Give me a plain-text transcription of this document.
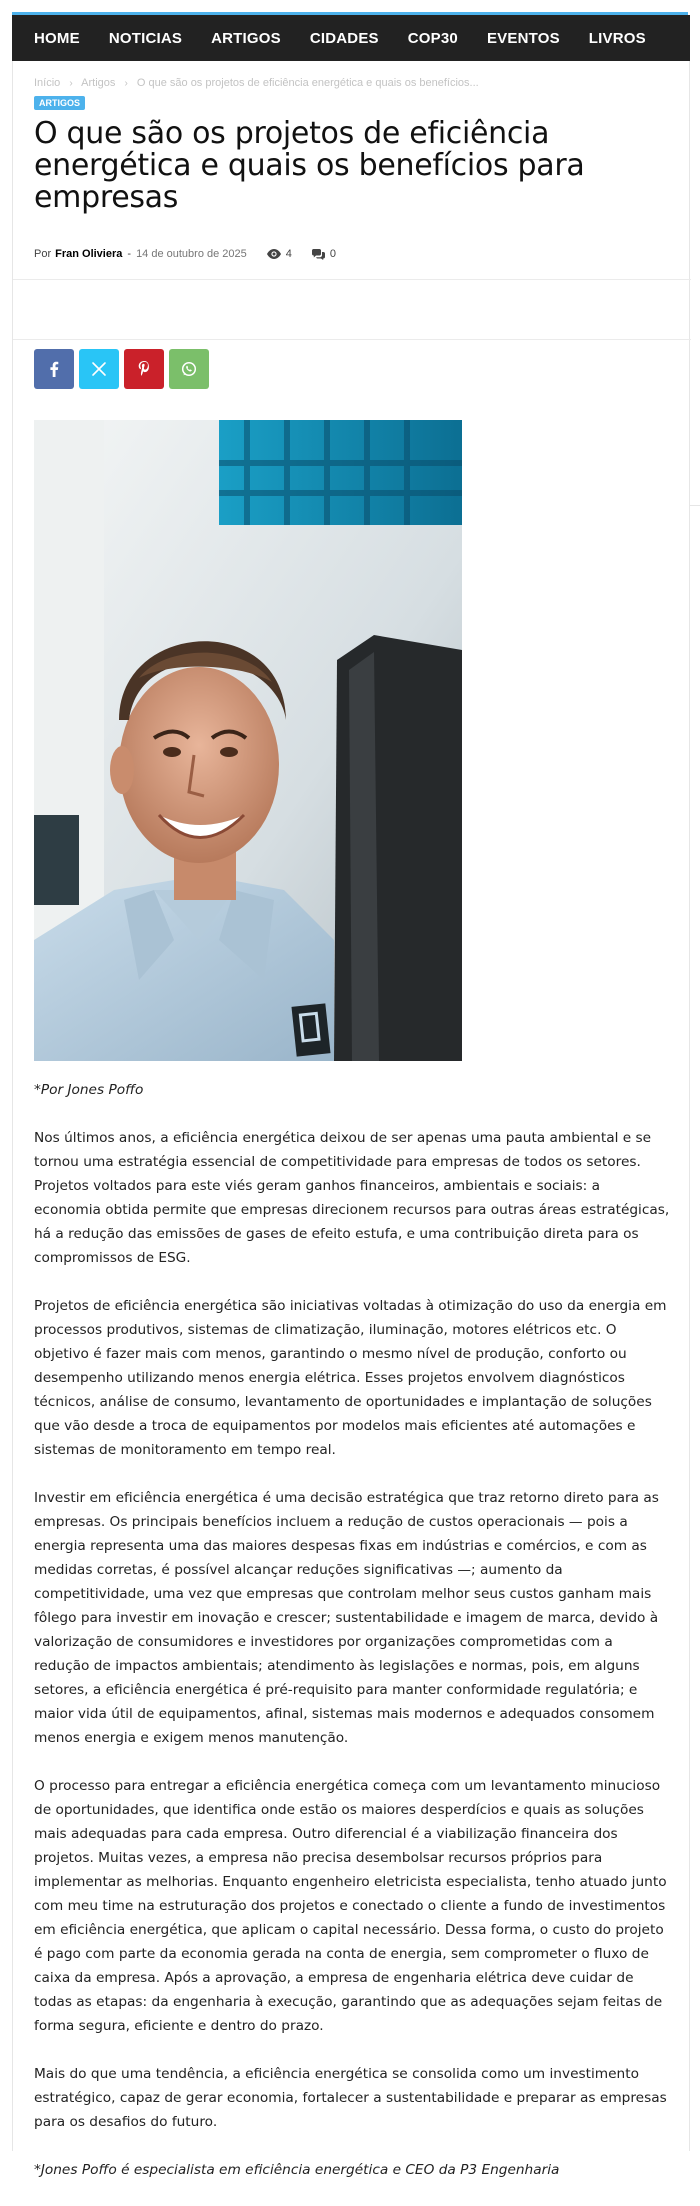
HOME NOTICIAS ARTIGOS CIDADES COP30 EVENTOS LIVROS
Início › Artigos › O que são os projetos de eficiência energética e quais os benefícios...
ARTIGOS
O que são os projetos de eficiência energética e quais os benefícios para empresas
Por Fran Oliviera - 14 de outubro de 2025	4	0

*Por Jones Poffo

Nos últimos anos, a eficiência energética deixou de ser apenas uma pauta ambiental e se tornou uma estratégia essencial de competitividade para empresas de todos os setores. Projetos voltados para este viés geram ganhos financeiros, ambientais e sociais: a economia obtida permite que empresas direcionem recursos para outras áreas estratégicas, há a redução das emissões de gases de efeito estufa, e uma contribuição direta para os compromissos de ESG.

Projetos de eficiência energética são iniciativas voltadas à otimização do uso da energia em processos produtivos, sistemas de climatização, iluminação, motores elétricos etc. O objetivo é fazer mais com menos, garantindo o mesmo nível de produção, conforto ou desempenho utilizando menos energia elétrica. Esses projetos envolvem diagnósticos técnicos, análise de consumo, levantamento de oportunidades e implantação de soluções que vão desde a troca de equipamentos por modelos mais eficientes até automações e sistemas de monitoramento em tempo real.

Investir em eficiência energética é uma decisão estratégica que traz retorno direto para as empresas. Os principais benefícios incluem a redução de custos operacionais — pois a energia representa uma das maiores despesas fixas em indústrias e comércios, e com as medidas corretas, é possível alcançar reduções significativas —; aumento da competitividade, uma vez que empresas que controlam melhor seus custos ganham mais fôlego para investir em inovação e crescer; sustentabilidade e imagem de marca, devido à valorização de consumidores e investidores por organizações comprometidas com a redução de impactos ambientais; atendimento às legislações e normas, pois, em alguns setores, a eficiência energética é pré-requisito para manter conformidade regulatória; e maior vida útil de equipamentos, afinal, sistemas mais modernos e adequados consomem menos energia e exigem menos manutenção.

O processo para entregar a eficiência energética começa com um levantamento minucioso de oportunidades, que identifica onde estão os maiores desperdícios e quais as soluções mais adequadas para cada empresa. Outro diferencial é a viabilização financeira dos projetos. Muitas vezes, a empresa não precisa desembolsar recursos próprios para implementar as melhorias. Enquanto engenheiro eletricista especialista, tenho atuado junto com meu time na estruturação dos projetos e conectado o cliente a fundo de investimentos em eficiência energética, que aplicam o capital necessário. Dessa forma, o custo do projeto é pago com parte da economia gerada na conta de energia, sem comprometer o fluxo de caixa da empresa. Após a aprovação, a empresa de engenharia elétrica deve cuidar de todas as etapas: da engenharia à execução, garantindo que as adequações sejam feitas de forma segura, eficiente e dentro do prazo.

Mais do que uma tendência, a eficiência energética se consolida como um investimento estratégico, capaz de gerar economia, fortalecer a sustentabilidade e preparar as empresas para os desafios do futuro.

*Jones Poffo é especialista em eficiência energética e CEO da P3 Engenharia
